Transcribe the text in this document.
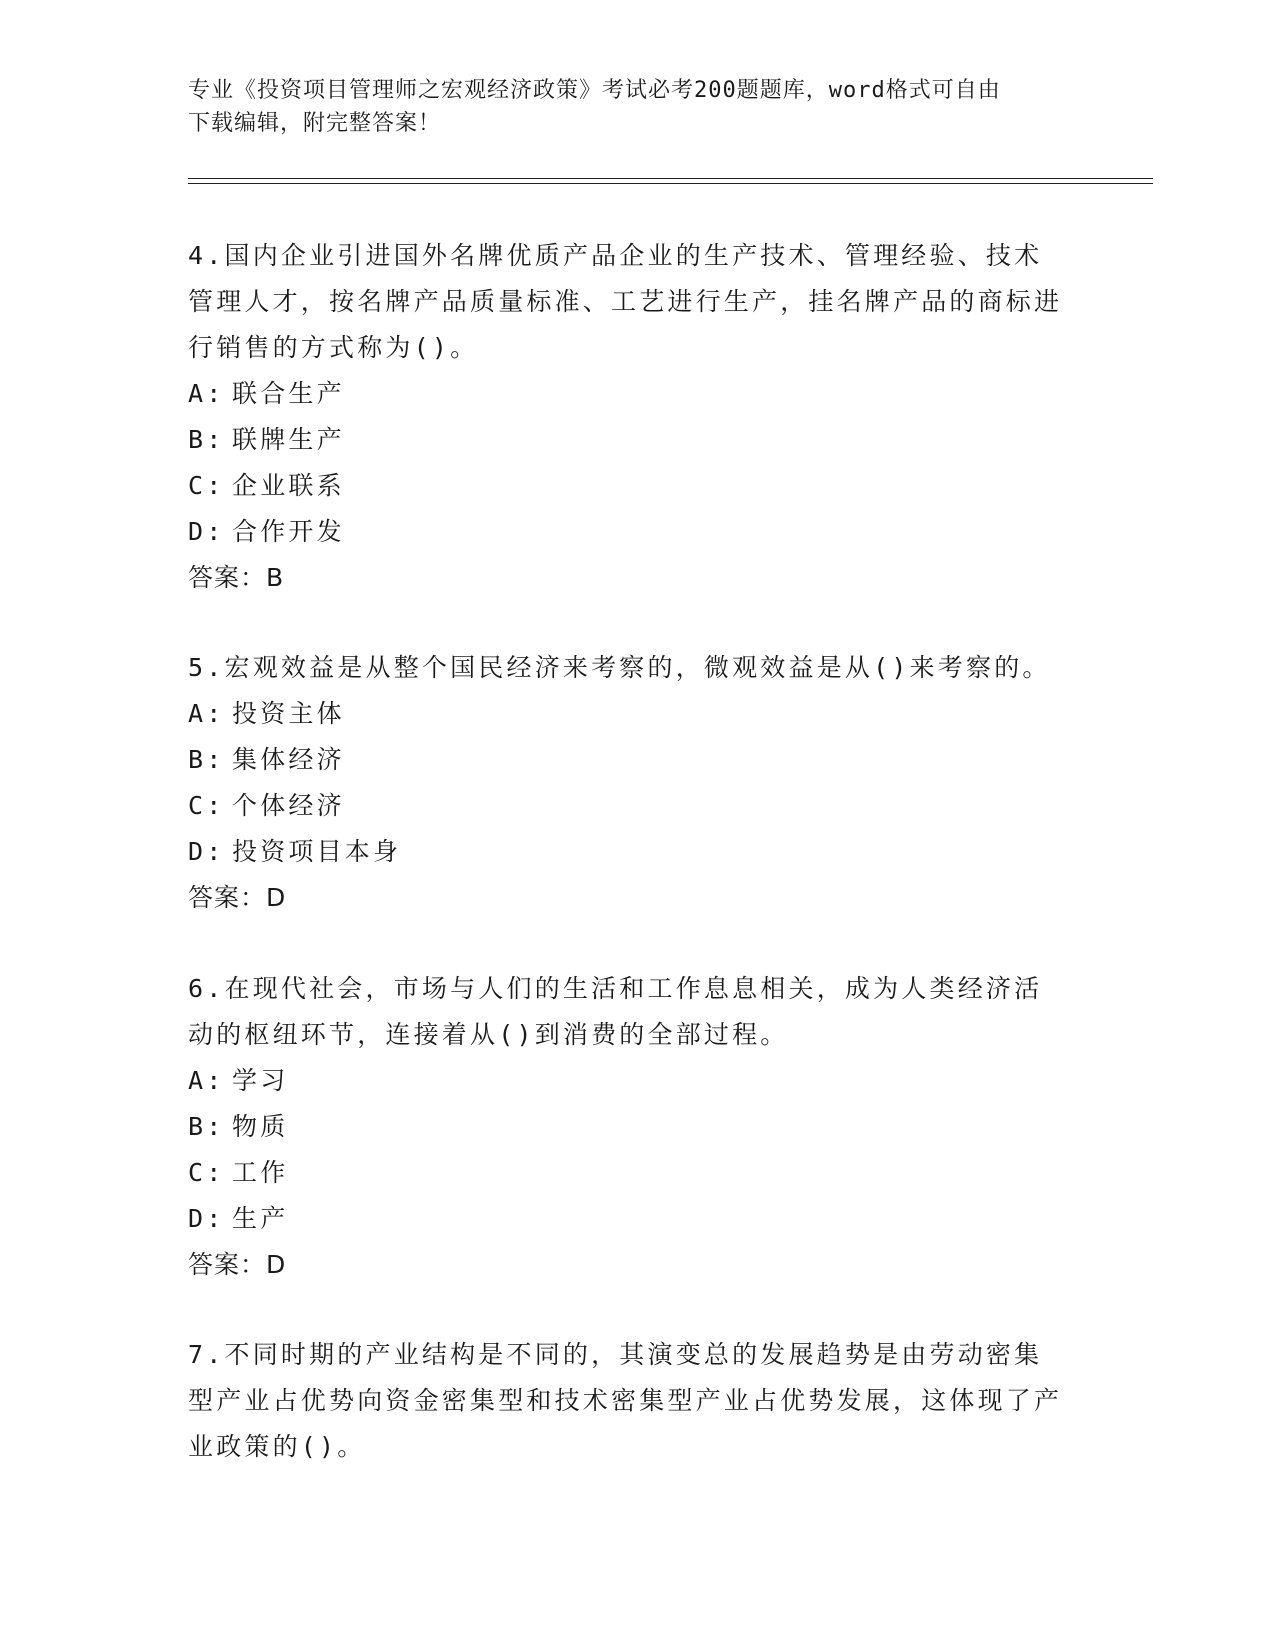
专业《投资项目管理师之宏观经济政策》考试必考200题题库，word格式可自由
下载编辑，附完整答案！

4.国内企业引进国外名牌优质产品企业的生产技术、管理经验、技术管理人才，按名牌产品质量标准、工艺进行生产，挂名牌产品的商标进行销售的方式称为()。

A: 联合生产

B: 联牌生产

C: 企业联系

D: 合作开发

答案：B

5.宏观效益是从整个国民经济来考察的，微观效益是从()来考察的。

A: 投资主体

B: 集体经济

C: 个体经济

D: 投资项目本身

答案：D

6.在现代社会，市场与人们的生活和工作息息相关，成为人类经济活动的枢纽环节，连接着从()到消费的全部过程。

A: 学习

B: 物质

C: 工作

D: 生产

答案：D

7.不同时期的产业结构是不同的，其演变总的发展趋势是由劳动密集型产业占优势向资金密集型和技术密集型产业占优势发展，这体现了产业政策的()。
